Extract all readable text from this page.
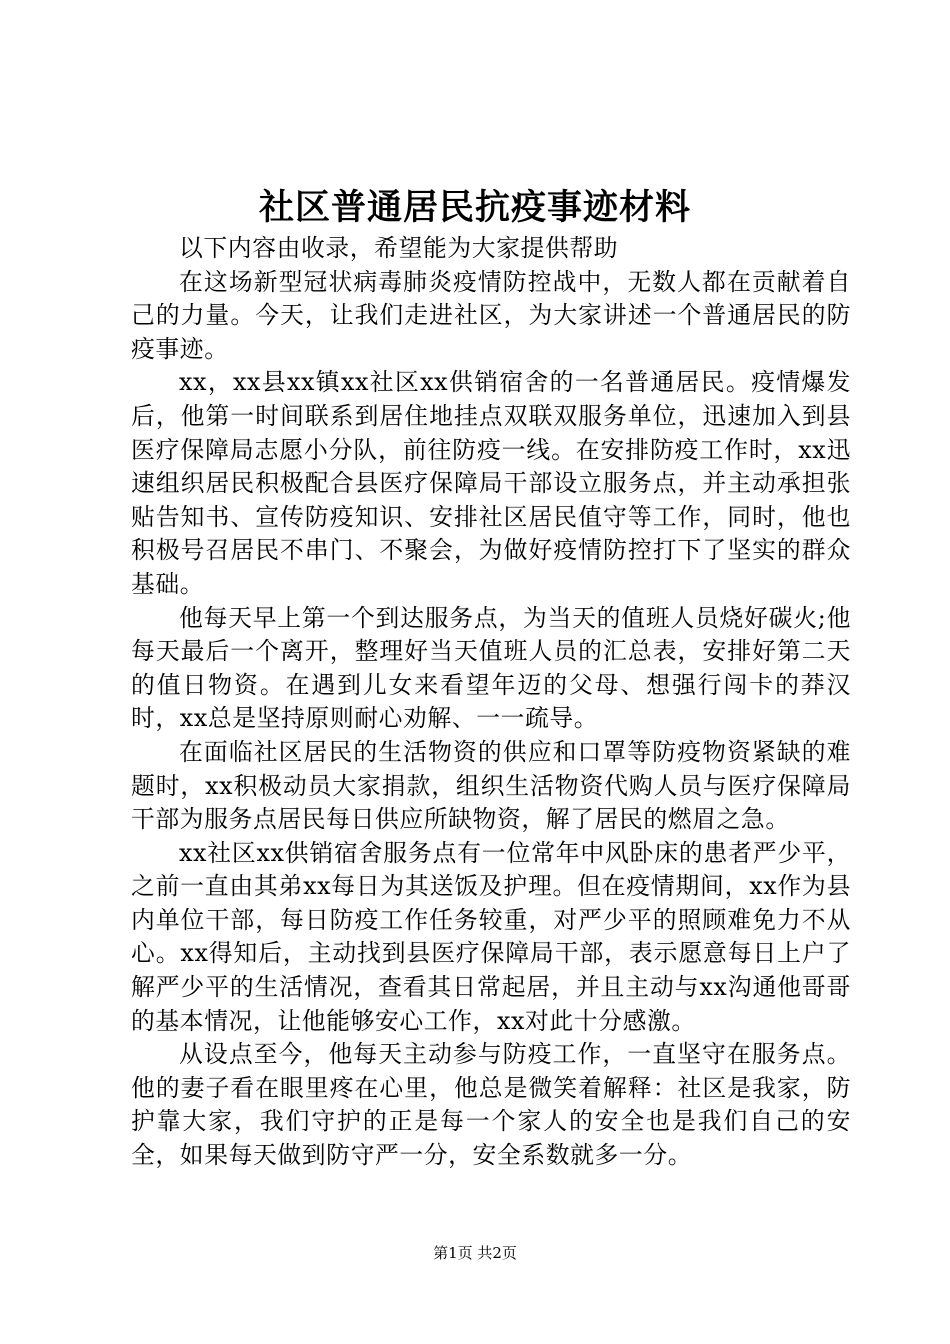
社区普通居民抗疫事迹材料

以下内容由收录，希望能为大家提供帮助

在这场新型冠状病毒肺炎疫情防控战中，无数人都在贡献着自己的力量。今天，让我们走进社区，为大家讲述一个普通居民的防疫事迹。

xx，xx县xx镇xx社区xx供销宿舍的一名普通居民。疫情爆发后，他第一时间联系到居住地挂点双联双服务单位，迅速加入到县医疗保障局志愿小分队，前往防疫一线。在安排防疫工作时，xx迅速组织居民积极配合县医疗保障局干部设立服务点，并主动承担张贴告知书、宣传防疫知识、安排社区居民值守等工作，同时，他也积极号召居民不串门、不聚会，为做好疫情防控打下了坚实的群众基础。

他每天早上第一个到达服务点，为当天的值班人员烧好碳火;他每天最后一个离开，整理好当天值班人员的汇总表，安排好第二天的值日物资。在遇到儿女来看望年迈的父母、想强行闯卡的莽汉时，xx总是坚持原则耐心劝解、一一疏导。

在面临社区居民的生活物资的供应和口罩等防疫物资紧缺的难题时，xx积极动员大家捐款，组织生活物资代购人员与医疗保障局干部为服务点居民每日供应所缺物资，解了居民的燃眉之急。

xx社区xx供销宿舍服务点有一位常年中风卧床的患者严少平，之前一直由其弟xx每日为其送饭及护理。但在疫情期间，xx作为县内单位干部，每日防疫工作任务较重，对严少平的照顾难免力不从心。xx得知后，主动找到县医疗保障局干部，表示愿意每日上户了解严少平的生活情况，查看其日常起居，并且主动与xx沟通他哥哥的基本情况，让他能够安心工作，xx对此十分感激。

从设点至今，他每天主动参与防疫工作，一直坚守在服务点。他的妻子看在眼里疼在心里，他总是微笑着解释：社区是我家，防护靠大家，我们守护的正是每一个家人的安全也是我们自己的安全，如果每天做到防守严一分，安全系数就多一分。

第1页 共2页
